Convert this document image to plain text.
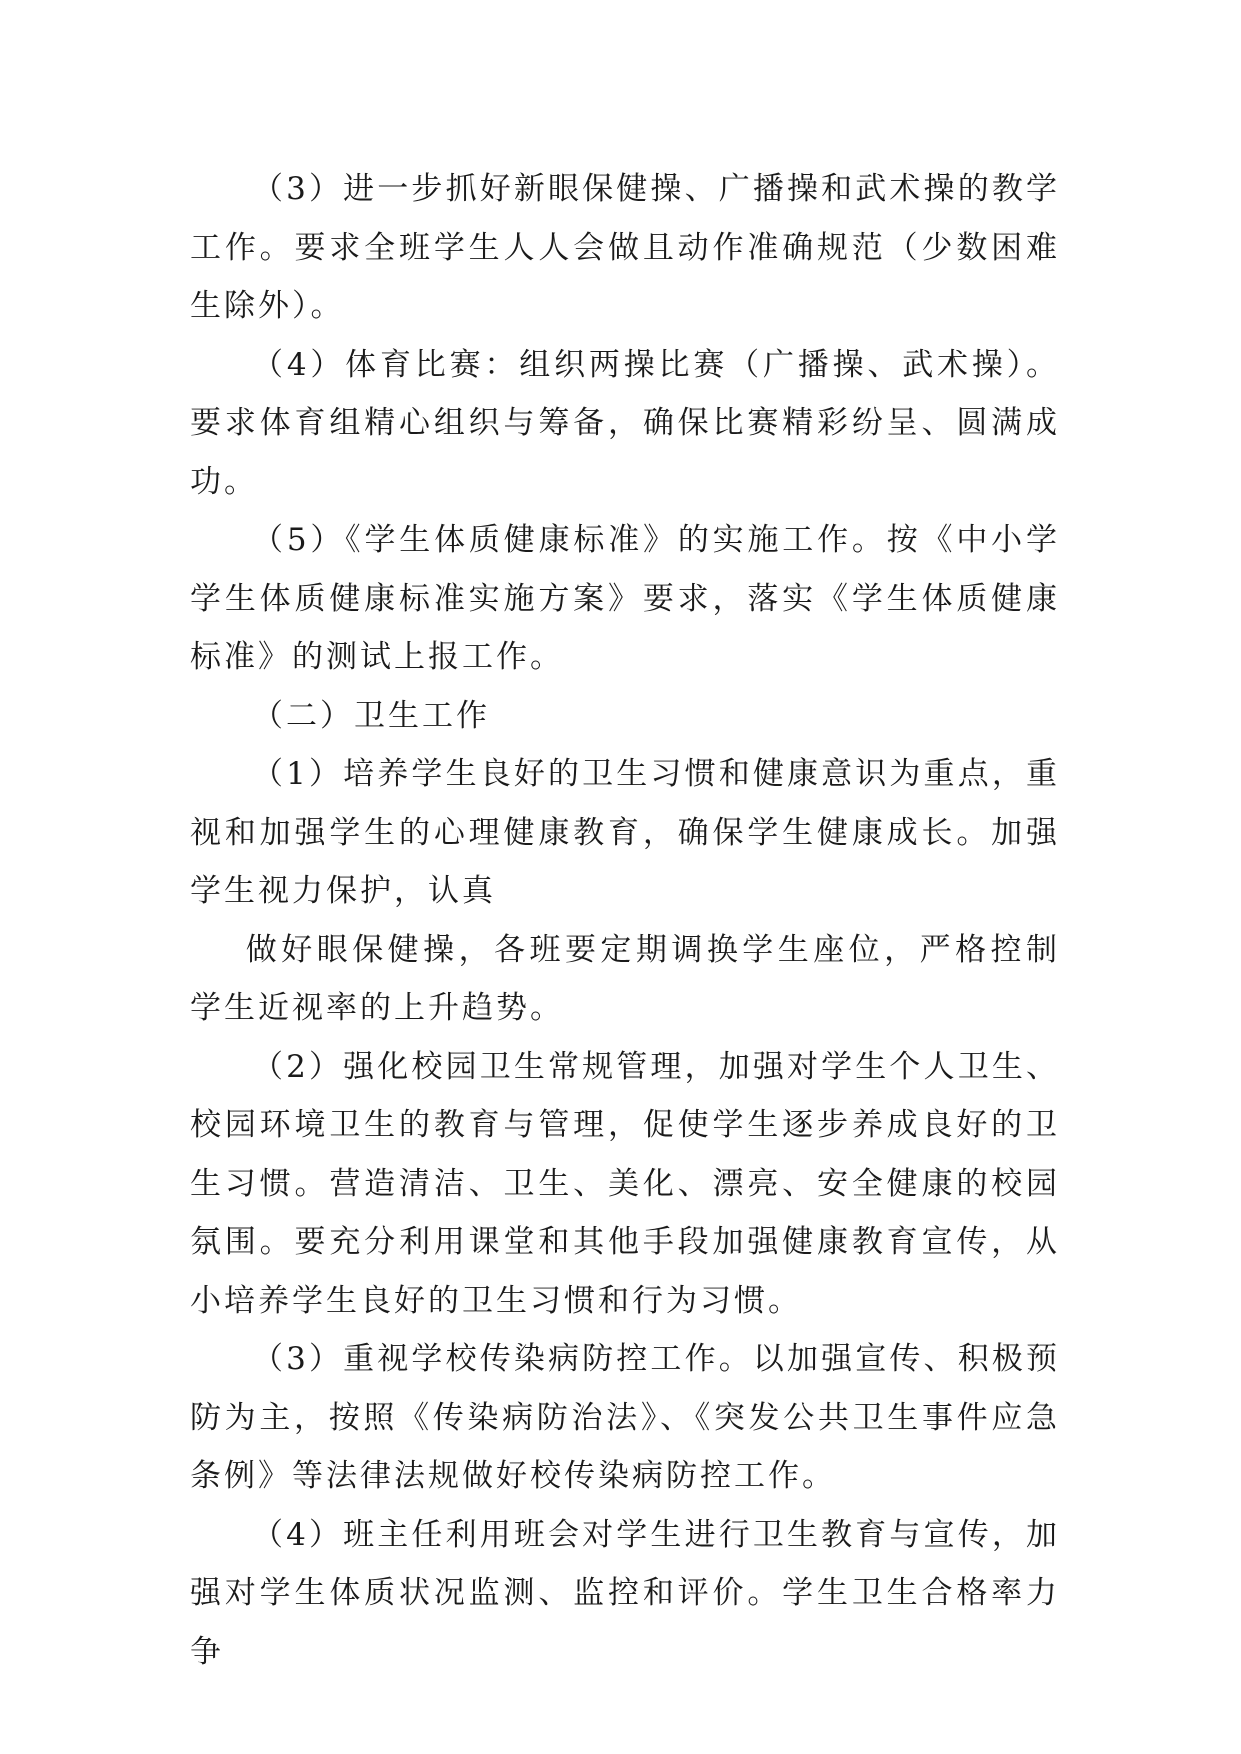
（3）进一步抓好新眼保健操、广播操和武术操的教学工作。要求全班学生人人会做且动作准确规范（少数困难生除外）。

（4）体育比赛：组织两操比赛（广播操、武术操）。要求体育组精心组织与筹备，确保比赛精彩纷呈、圆满成功。

（5）《学生体质健康标准》的实施工作。按《中小学学生体质健康标准实施方案》要求，落实《学生体质健康标准》的测试上报工作。

（二）卫生工作

（1）培养学生良好的卫生习惯和健康意识为重点，重视和加强学生的心理健康教育，确保学生健康成长。加强学生视力保护，认真

做好眼保健操，各班要定期调换学生座位，严格控制学生近视率的上升趋势。

（2）强化校园卫生常规管理，加强对学生个人卫生、校园环境卫生的教育与管理，促使学生逐步养成良好的卫生习惯。营造清洁、卫生、美化、漂亮、安全健康的校园氛围。要充分利用课堂和其他手段加强健康教育宣传，从小培养学生良好的卫生习惯和行为习惯。

（3）重视学校传染病防控工作。以加强宣传、积极预防为主，按照《传染病防治法》、《突发公共卫生事件应急条例》等法律法规做好校传染病防控工作。

（4）班主任利用班会对学生进行卫生教育与宣传，加强对学生体质状况监测、监控和评价。学生卫生合格率力争
